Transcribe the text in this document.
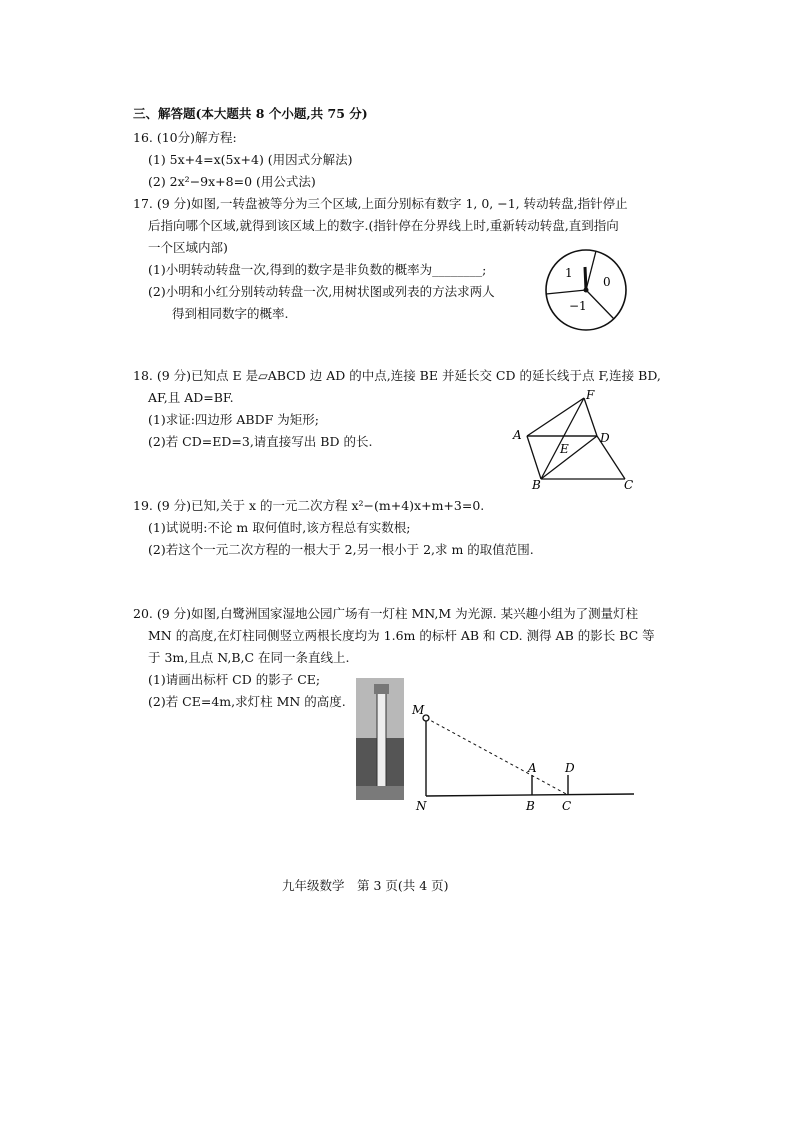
三、解答题(本大题共 8 个小题,共 75 分)
16. (10分)解方程:
(1) 5x+4=x(5x+4) (用因式分解法)
(2) 2x²−9x+8=0 (用公式法)
17. (9 分)如图,一转盘被等分为三个区域,上面分别标有数字 1, 0, −1, 转动转盘,指针停止
后指向哪个区域,就得到该区域上的数字.(指针停在分界线上时,重新转动转盘,直到指向
一个区域内部)
(1)小明转动转盘一次,得到的数字是非负数的概率为________;
(2)小明和小红分别转动转盘一次,用树状图或列表的方法求两人
得到相同数字的概率.
1
0
−1
18. (9 分)已知点 E 是▱ABCD 边 AD 的中点,连接 BE 并延长交 CD 的延长线于点 F,连接 BD,
AF,且 AD=BF.
(1)求证:四边形 ABDF 为矩形;
(2)若 CD=ED=3,请直接写出 BD 的长.	A
B	C
D
E
F
19. (9 分)已知,关于 x 的一元二次方程 x²−(m+4)x+m+3=0.
(1)试说明:不论 m 取何值时,该方程总有实数根;
(2)若这个一元二次方程的一根大于 2,另一根小于 2,求 m 的取值范围.
20. (9 分)如图,白鹭洲国家湿地公园广场有一灯柱 MN,M 为光源. 某兴趣小组为了测量灯柱
MN 的高度,在灯柱同侧竖立两根长度均为 1.6m 的标杆 AB 和 CD. 测得 AB 的影长 BC 等
于 3m,且点 N,B,C 在同一条直线上.
(1)请画出标杆 CD 的影子 CE;
(2)若 CE=4m,求灯柱 MN 的高度.
M
N
A
B C
D
九年级数学　第 3 页(共 4 页)
